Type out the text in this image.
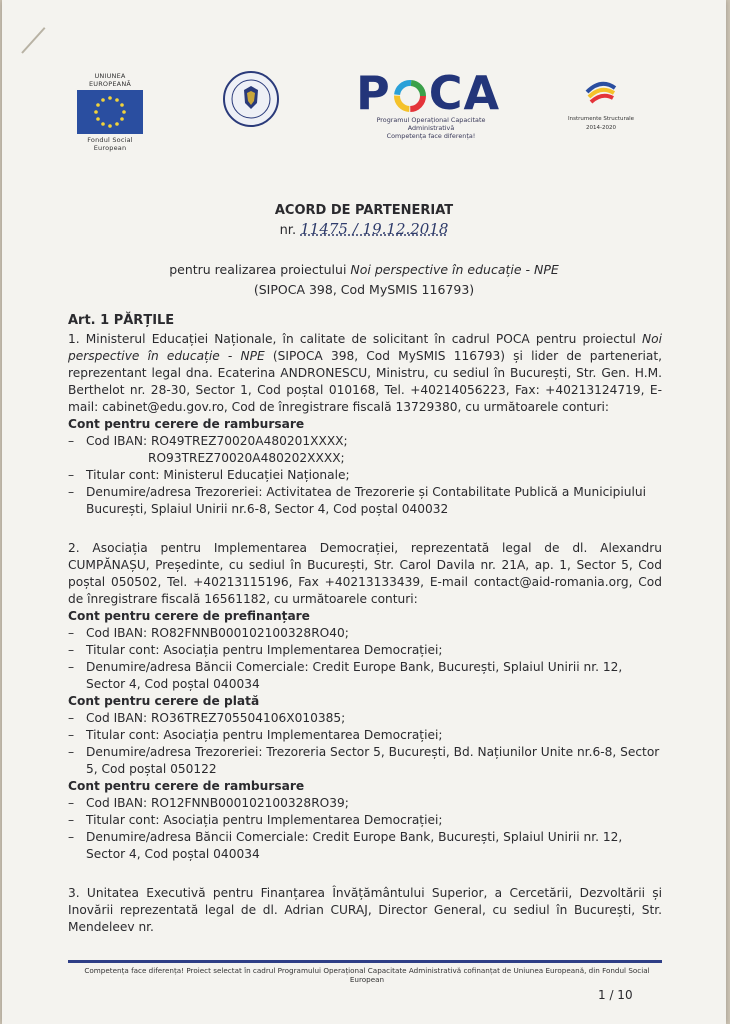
UNIUNEA EUROPEANĂ
Fondul Social European
P CA
Programul Operațional Capacitate Administrativă
Competența face diferența!
Instrumente Structurale
2014-2020
ACORD DE PARTENERIAT
nr. 11475 / 19.12.2018
pentru realizarea proiectului Noi perspective în educație - NPE
(SIPOCA 398, Cod MySMIS 116793)

Art. 1 PĂRȚILE

1. Ministerul Educației Naționale, în calitate de solicitant în cadrul POCA pentru proiectul Noi perspective în educație - NPE (SIPOCA 398, Cod MySMIS 116793) și lider de parteneriat, reprezentant legal dna. Ecaterina ANDRONESCU, Ministru, cu sediul în București, Str. Gen. H.M. Berthelot nr. 28-30, Sector 1, Cod poștal 010168, Tel. +40214056223, Fax: +40213124719, E-mail: cabinet@edu.gov.ro, Cod de înregistrare fiscală 13729380, cu următoarele conturi:

Cont pentru cerere de rambursare

– Cod IBAN: RO49TREZ70020A480201XXXX;

RO93TREZ70020A480202XXXX;

– Titular cont: Ministerul Educației Naționale;

– Denumire/adresa Trezoreriei: Activitatea de Trezorerie și Contabilitate Publică a Municipiului București, Splaiul Unirii nr.6-8, Sector 4, Cod poștal 040032

2. Asociația pentru Implementarea Democrației, reprezentată legal de dl. Alexandru CUMPĂNAȘU, Președinte, cu sediul în București, Str. Carol Davila nr. 21A, ap. 1, Sector 5, Cod poștal 050502, Tel. +40213115196, Fax +40213133439, E-mail contact@aid-romania.org, Cod de înregistrare fiscală 16561182, cu următoarele conturi:

Cont pentru cerere de prefinanțare

– Cod IBAN: RO82FNNB000102100328RO40;

– Titular cont: Asociația pentru Implementarea Democrației;

– Denumire/adresa Băncii Comerciale: Credit Europe Bank, București, Splaiul Unirii nr. 12, Sector 4, Cod poștal 040034

Cont pentru cerere de plată

– Cod IBAN: RO36TREZ705504106X010385;

– Titular cont: Asociația pentru Implementarea Democrației;

– Denumire/adresa Trezoreriei: Trezoreria Sector 5, București, Bd. Națiunilor Unite nr.6-8, Sector 5, Cod poștal 050122

Cont pentru cerere de rambursare

– Cod IBAN: RO12FNNB000102100328RO39;

– Titular cont: Asociația pentru Implementarea Democrației;

– Denumire/adresa Băncii Comerciale: Credit Europe Bank, București, Splaiul Unirii nr. 12, Sector 4, Cod poștal 040034

3. Unitatea Executivă pentru Finanțarea Învățământului Superior, a Cercetării, Dezvoltării și Inovării reprezentată legal de dl. Adrian CURAJ, Director General, cu sediul în București, Str. Mendeleev nr.

Competența face diferența! Proiect selectat în cadrul Programului Operațional Capacitate Administrativă cofinanțat de Uniunea Europeană, din Fondul Social European
1 / 10
